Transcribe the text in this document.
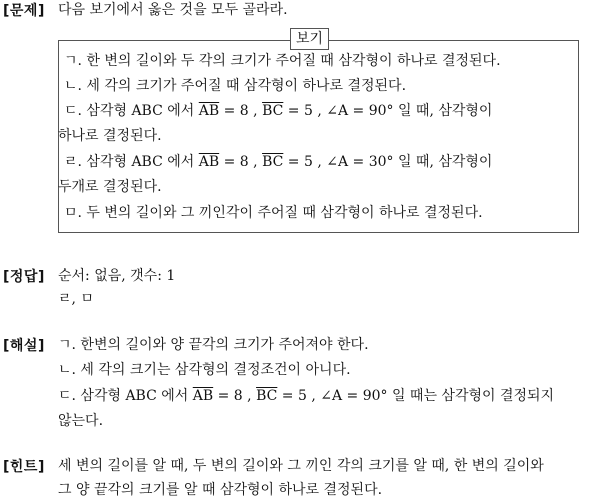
[문제] 다음 보기에서 옳은 것을 모두 골라라.
보기
ㄱ. 한 변의 길이와 두 각의 크기가 주어질 때 삼각형이 하나로 결정된다.
ㄴ. 세 각의 크기가 주어질 때 삼각형이 하나로 결정된다.
ㄷ. 삼각형 ABC 에서 $\overline{AB} = 8$ , $\overline{BC} = 5$ , ∠A = 90° 일 때, 삼각형이
하나로 결정된다.
ㄹ. 삼각형 ABC 에서 $\overline{AB} = 8$ , $\overline{BC} = 5$ , ∠A = 30° 일 때, 삼각형이
두개로 결정된다.
ㅁ. 두 변의 길이와 그 끼인각이 주어질 때 삼각형이 하나로 결정된다.
[정답] 순서: 없음, 갯수: 1
ㄹ, ㅁ
[해설] ㄱ. 한변의 길이와 양 끝각의 크기가 주어져야 한다.
ㄴ. 세 각의 크기는 삼각형의 결정조건이 아니다.
ㄷ. 삼각형 ABC 에서 $\overline{AB} = 8$ , $\overline{BC} = 5$ , ∠A = 90° 일 때는 삼각형이 결정되지
않는다.
[힌트] 세 변의 길이를 알 때, 두 변의 길이와 그 끼인 각의 크기를 알 때, 한 변의 길이와
그 양 끝각의 크기를 알 때 삼각형이 하나로 결정된다.
